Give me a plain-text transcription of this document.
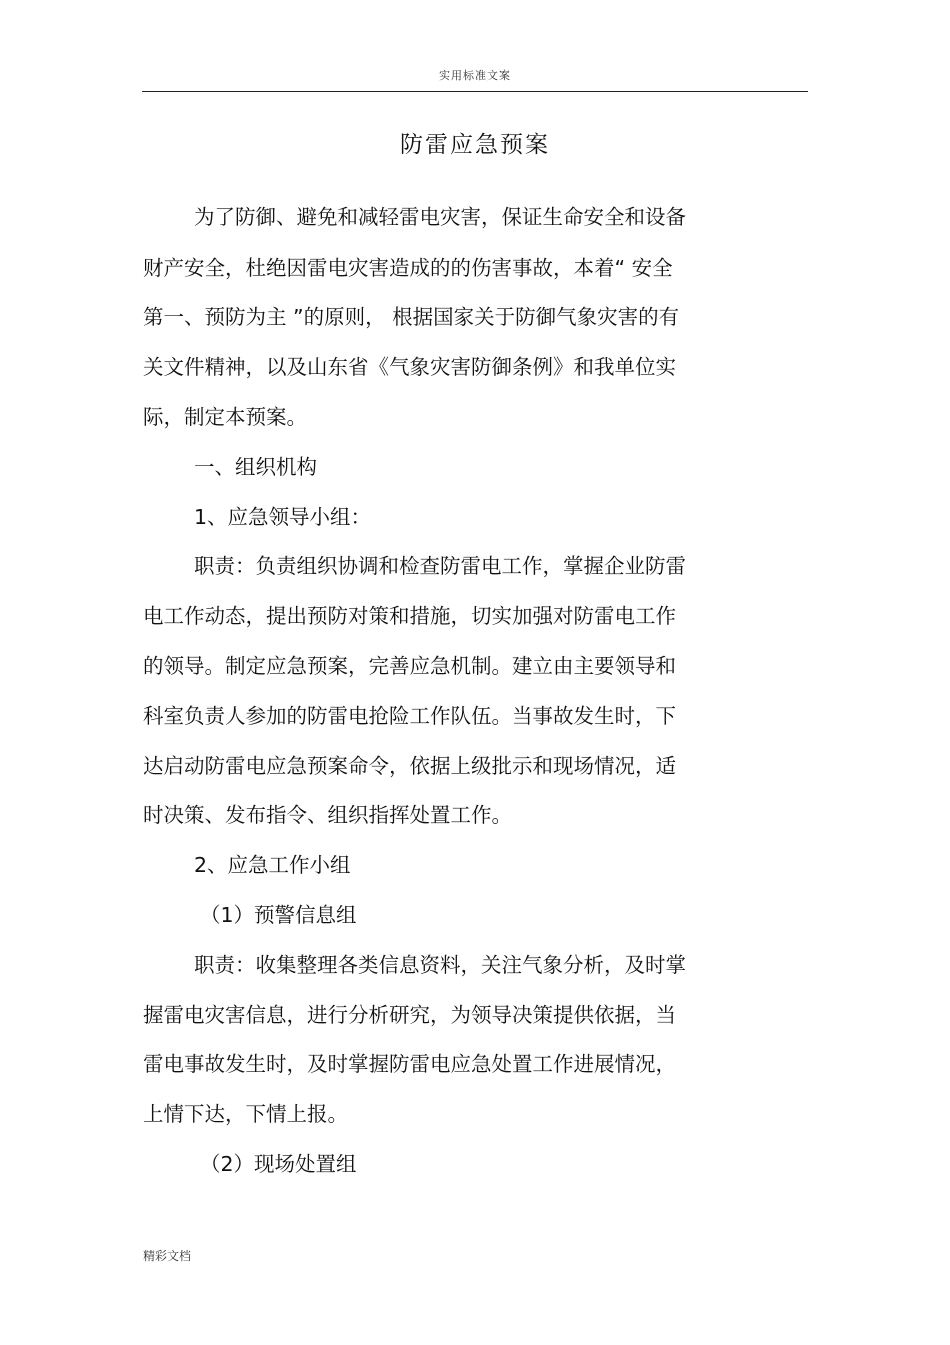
实用标准文案
防雷应急预案
为了防御、避免和减轻雷电灾害，保证生命安全和设备
财产安全，杜绝因雷电灾害造成的的伤害事故，本着“ 安全
第一、预防为主 ”的原则， 根据国家关于防御气象灾害的有
关文件精神，以及山东省《气象灾害防御条例》和我单位实
际，制定本预案。
一、组织机构
1、应急领导小组：
职责：负责组织协调和检查防雷电工作，掌握企业防雷
电工作动态，提出预防对策和措施，切实加强对防雷电工作
的领导。制定应急预案，完善应急机制。建立由主要领导和
科室负责人参加的防雷电抢险工作队伍。当事故发生时，下
达启动防雷电应急预案命令，依据上级批示和现场情况，适
时决策、发布指令、组织指挥处置工作。
2、应急工作小组
（1）预警信息组
职责：收集整理各类信息资料，关注气象分析，及时掌
握雷电灾害信息，进行分析研究，为领导决策提供依据，当
雷电事故发生时，及时掌握防雷电应急处置工作进展情况，
上情下达，下情上报。
（2）现场处置组
精彩文档
